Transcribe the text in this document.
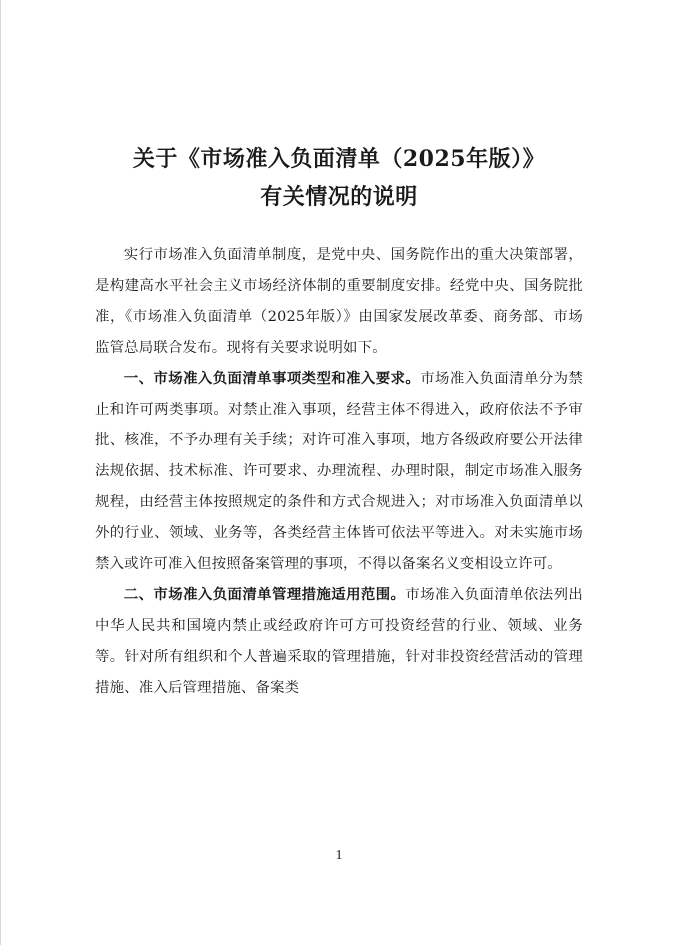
关于《市场准入负面清单（2025年版）》
有关情况的说明

实行市场准入负面清单制度，是党中央、国务院作出的重大决策部署，是构建高水平社会主义市场经济体制的重要制度安排。经党中央、国务院批准，《市场准入负面清单（2025年版）》由国家发展改革委、商务部、市场监管总局联合发布。现将有关要求说明如下。

一、市场准入负面清单事项类型和准入要求。市场准入负面清单分为禁止和许可两类事项。对禁止准入事项，经营主体不得进入，政府依法不予审批、核准，不予办理有关手续；对许可准入事项，地方各级政府要公开法律法规依据、技术标准、许可要求、办理流程、办理时限，制定市场准入服务规程，由经营主体按照规定的条件和方式合规进入；对市场准入负面清单以外的行业、领域、业务等，各类经营主体皆可依法平等进入。对未实施市场禁入或许可准入但按照备案管理的事项，不得以备案名义变相设立许可。

二、市场准入负面清单管理措施适用范围。市场准入负面清单依法列出中华人民共和国境内禁止或经政府许可方可投资经营的行业、领域、业务等。针对所有组织和个人普遍采取的管理措施，针对非投资经营活动的管理措施、准入后管理措施、备案类

1
